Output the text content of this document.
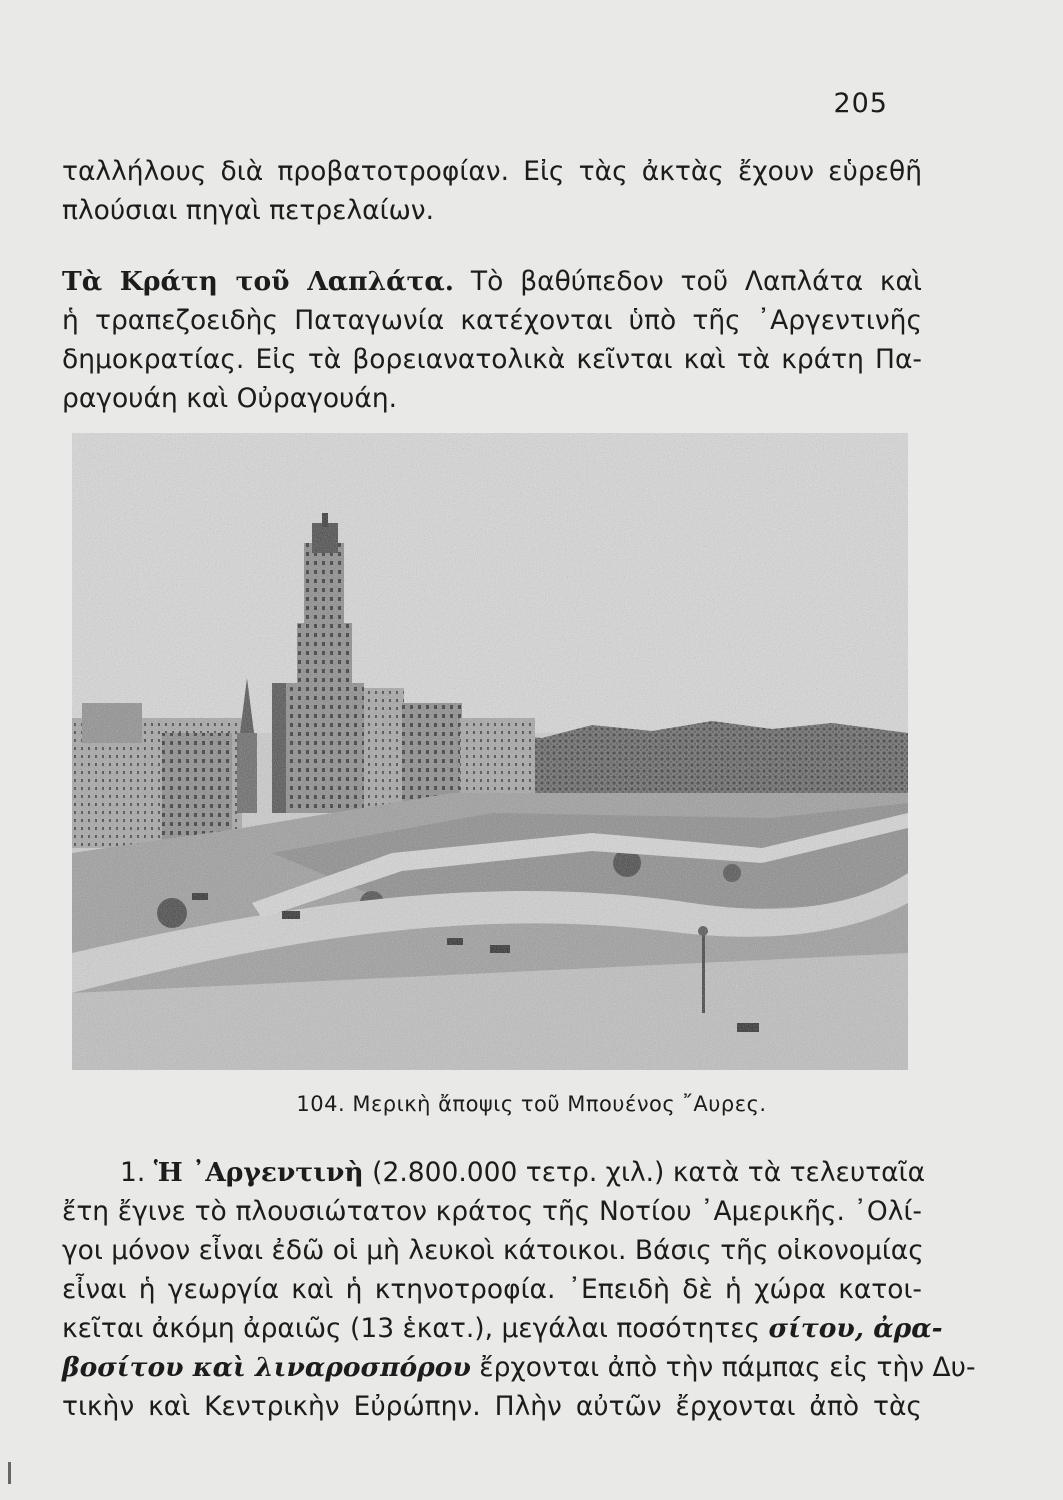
205

ταλλήλους διὰ προβατοτροφίαν. Εἰς τὰς ἀκτὰς ἔχουν εὑρεθῆ
πλούσιαι πηγαὶ πετρελαίων.

Τὰ Κράτη τοῦ Λαπλάτα. Τὸ βαθύπεδον τοῦ Λαπλάτα καὶ
ἡ τραπεζοειδὴς Παταγωνία κατέχονται ὑπὸ τῆς ᾿Αργεντινῆς
δημοκρατίας. Εἰς τὰ βορειανατολικὰ κεῖνται καὶ τὰ κράτη Πα-
ραγουάη καὶ Οὐραγουάη.

104. Μερικὴ ἄποψις τοῦ Μπουένος ῎Αυρες.

1. Ἡ ᾿Αργεντινὴ (2.800.000 τετρ. χιλ.) κατὰ τὰ τελευταῖα
ἔτη ἔγινε τὸ πλουσιώτατον κράτος τῆς Νοτίου ᾿Αμερικῆς. ᾿Ολί-
γοι μόνον εἶναι ἐδῶ οἱ μὴ λευκοὶ κάτοικοι. Βάσις τῆς οἰκονομίας
εἶναι ἡ γεωργία καὶ ἡ κτηνοτροφία. ᾿Επειδὴ δὲ ἡ χώρα κατοι-
κεῖται ἀκόμη ἀραιῶς (13 ἑκατ.), μεγάλαι ποσότητες σίτου, ἀρα-
βοσίτου καὶ λιναροσπόρου ἔρχονται ἀπὸ τὴν πάμπας εἰς τὴν Δυ-
τικὴν καὶ Κεντρικὴν Εὐρώπην. Πλὴν αὐτῶν ἔρχονται ἀπὸ τὰς
